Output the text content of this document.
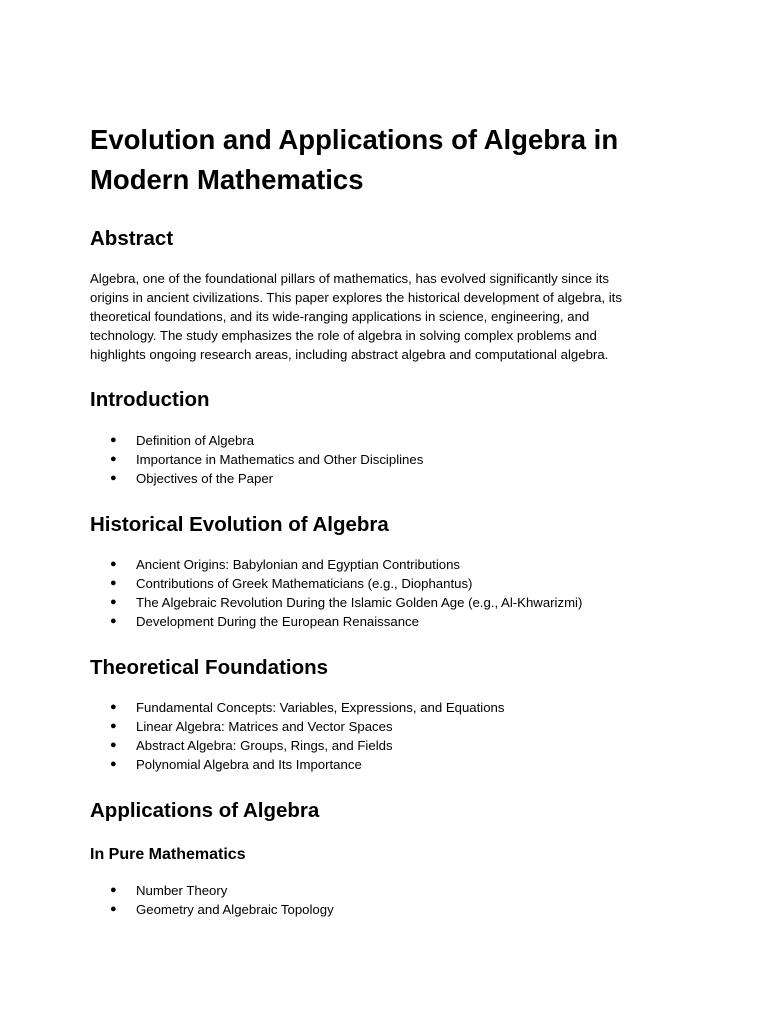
Evolution and Applications of Algebra in Modern Mathematics
Abstract
Algebra, one of the foundational pillars of mathematics, has evolved significantly since its
origins in ancient civilizations. This paper explores the historical development of algebra, its
theoretical foundations, and its wide-ranging applications in science, engineering, and
technology. The study emphasizes the role of algebra in solving complex problems and
highlights ongoing research areas, including abstract algebra and computational algebra.
Introduction
● Definition of Algebra
● Importance in Mathematics and Other Disciplines
● Objectives of the Paper
Historical Evolution of Algebra
● Ancient Origins: Babylonian and Egyptian Contributions
● Contributions of Greek Mathematicians (e.g., Diophantus)
● The Algebraic Revolution During the Islamic Golden Age (e.g., Al-Khwarizmi)
● Development During the European Renaissance
Theoretical Foundations
● Fundamental Concepts: Variables, Expressions, and Equations
● Linear Algebra: Matrices and Vector Spaces
● Abstract Algebra: Groups, Rings, and Fields
● Polynomial Algebra and Its Importance
Applications of Algebra
In Pure Mathematics
● Number Theory
● Geometry and Algebraic Topology
